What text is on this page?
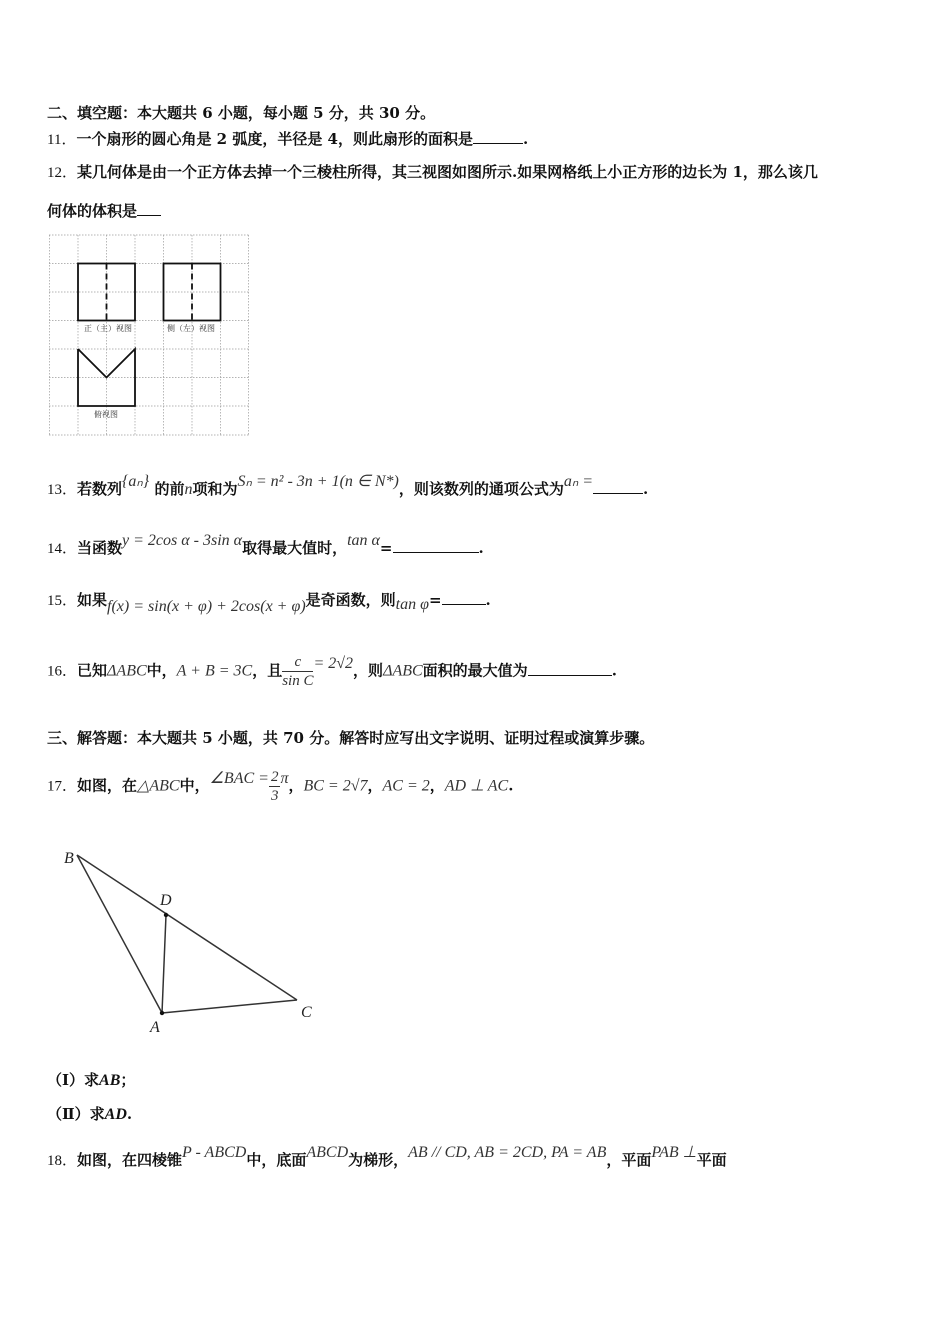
二、填空题：本大题共 6 小题，每小题 5 分，共 30 分。
11．一个扇形的圆心角是 2 弧度，半径是 4，则此扇形的面积是	.
12．某几何体是由一个正方体去掉一个三棱柱所得，其三视图如图所示.如果网格纸上小正方形的边长为 1，那么该几
何体的体积是
正（主）视图	侧（左）视图
俯视图
13．若数列{aₙ} 的前n项和为Sₙ = n² - 3n + 1(n ∈ N*)，则该数列的通项公式为aₙ =	.
14．当函数y = 2cos α - 3sin α取得最大值时，tan α=	.
15．如果f(x) = sin(x + φ) + 2cos(x + φ)是奇函数，则tan φ=	.
16．已知ΔABC中，A + B = 3C，且 $\frac{c}{\text{sin C}} = 2√2$，则ΔABC面积的最大值为	.
三、解答题：本大题共 5 小题，共 70 分。解答时应写出文字说明、证明过程或演算步骤。
17．如图，在△ABC中，∠BAC = $\frac{2}{3}$ π，BC = 2√7，AC = 2，AD ⊥ AC.
B
D
A
C
（Ⅰ）求AB；
（Ⅱ）求AD.
18．如图，在四棱锥P - ABCD中，底面ABCD为梯形，AB // CD, AB = 2CD, PA = AB，平面PAB ⊥平面
